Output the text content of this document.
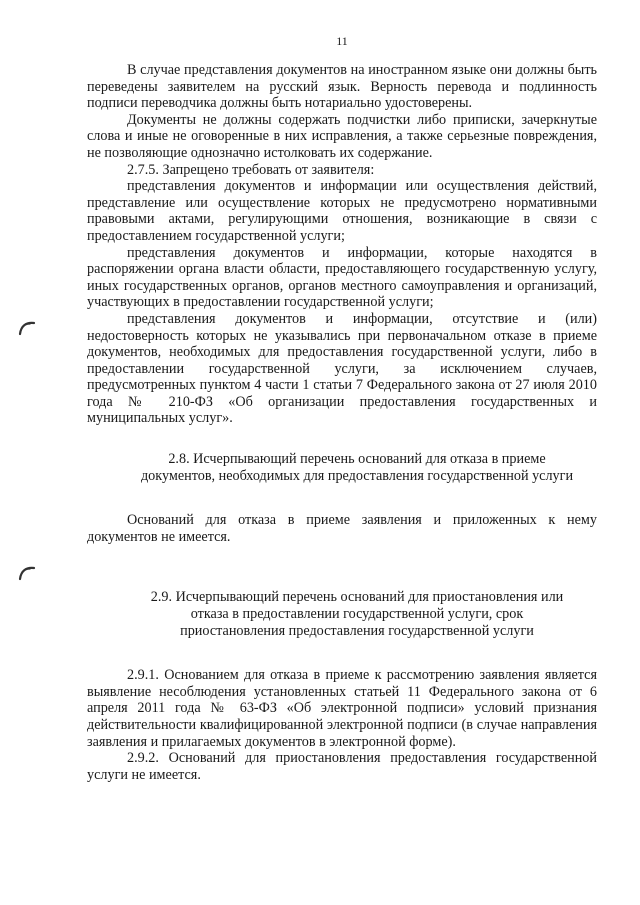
11

В случае представления документов на иностранном языке они должны быть переведены заявителем на русский язык. Верность перевода и подлинность подписи переводчика должны быть нотариально удостоверены.

Документы не должны содержать подчистки либо приписки, зачеркнутые слова и иные не оговоренные в них исправления, а также серьезные повреждения, не позволяющие однозначно истолковать их содержание.

2.7.5. Запрещено требовать от заявителя:

представления документов и информации или осуществления действий, представление или осуществление которых не предусмотрено нормативными правовыми актами, регулирующими отношения, возникающие в связи с предоставлением государственной услуги;

представления документов и информации, которые находятся в распоряжении органа власти области, предоставляющего государственную услугу, иных государственных органов, органов местного самоуправления и организаций, участвующих в предоставлении государственной услуги;

представления документов и информации, отсутствие и (или) недостоверность которых не указывались при первоначальном отказе в приеме документов, необходимых для предоставления государственной услуги, либо в предоставлении государственной услуги, за исключением случаев, предусмотренных пунктом 4 части 1 статьи 7 Федерального закона от 27 июля 2010 года № 210-ФЗ «Об организации предоставления государственных и муниципальных услуг».

2.8. Исчерпывающий перечень оснований для отказа в приеме документов, необходимых для предоставления государственной услуги

Оснований для отказа в приеме заявления и приложенных к нему документов не имеется.

2.9. Исчерпывающий перечень оснований для приостановления или отказа в предоставлении государственной услуги, срок приостановления предоставления государственной услуги

2.9.1. Основанием для отказа в приеме к рассмотрению заявления является выявление несоблюдения установленных статьей 11 Федерального закона от 6 апреля 2011 года № 63-ФЗ «Об электронной подписи» условий признания действительности квалифицированной электронной подписи (в случае направления заявления и прилагаемых документов в электронной форме).

2.9.2. Оснований для приостановления предоставления государственной услуги не имеется.
